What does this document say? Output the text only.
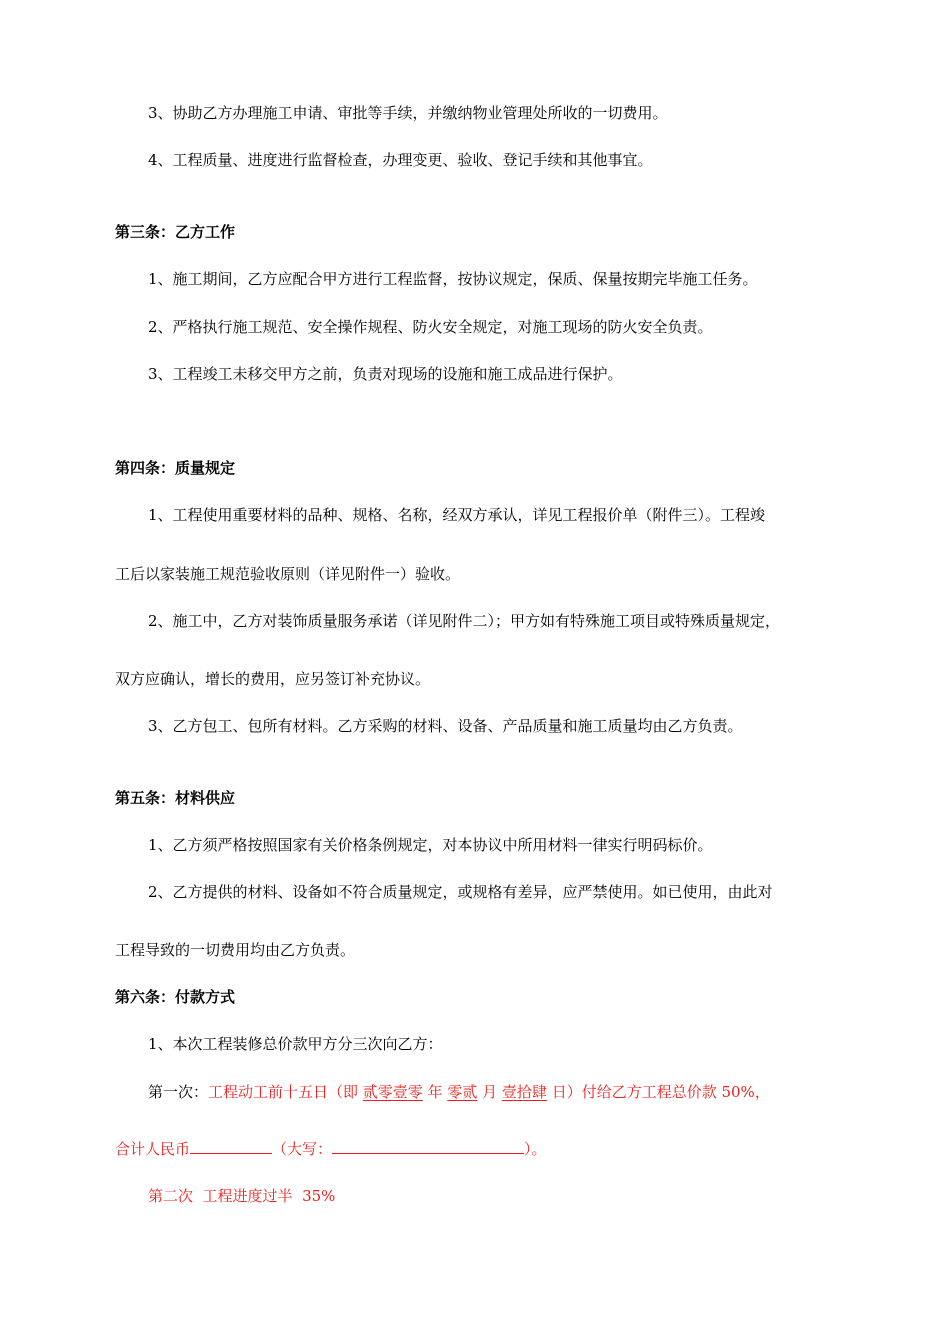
3、协助乙方办理施工申请、审批等手续，并缴纳物业管理处所收的一切费用。
4、工程质量、进度进行监督检查，办理变更、验收、登记手续和其他事宜。
第三条：乙方工作
1、施工期间，乙方应配合甲方进行工程监督，按协议规定，保质、保量按期完毕施工任务。
2、严格执行施工规范、安全操作规程、防火安全规定，对施工现场的防火安全负责。
3、工程竣工未移交甲方之前，负责对现场的设施和施工成品进行保护。
第四条：质量规定
1、工程使用重要材料的品种、规格、名称，经双方承认，详见工程报价单（附件三）。工程竣
工后以家装施工规范验收原则（详见附件一）验收。
2、施工中，乙方对装饰质量服务承诺（详见附件二）；甲方如有特殊施工项目或特殊质量规定，
双方应确认，增长的费用，应另签订补充协议。
3、乙方包工、包所有材料。乙方采购的材料、设备、产品质量和施工质量均由乙方负责。
第五条：材料供应
1、乙方须严格按照国家有关价格条例规定，对本协议中所用材料一律实行明码标价。
2、乙方提供的材料、设备如不符合质量规定，或规格有差异，应严禁使用。如已使用，由此对
工程导致的一切费用均由乙方负责。
第六条：付款方式
1、本次工程装修总价款甲方分三次向乙方：
第一次：工程动工前十五日（即 贰零壹零 年 零贰 月 壹拾肆 日）付给乙方工程总价款 50%，
合计人民币	（大写：	）。
第二次  工程进度过半  35%
